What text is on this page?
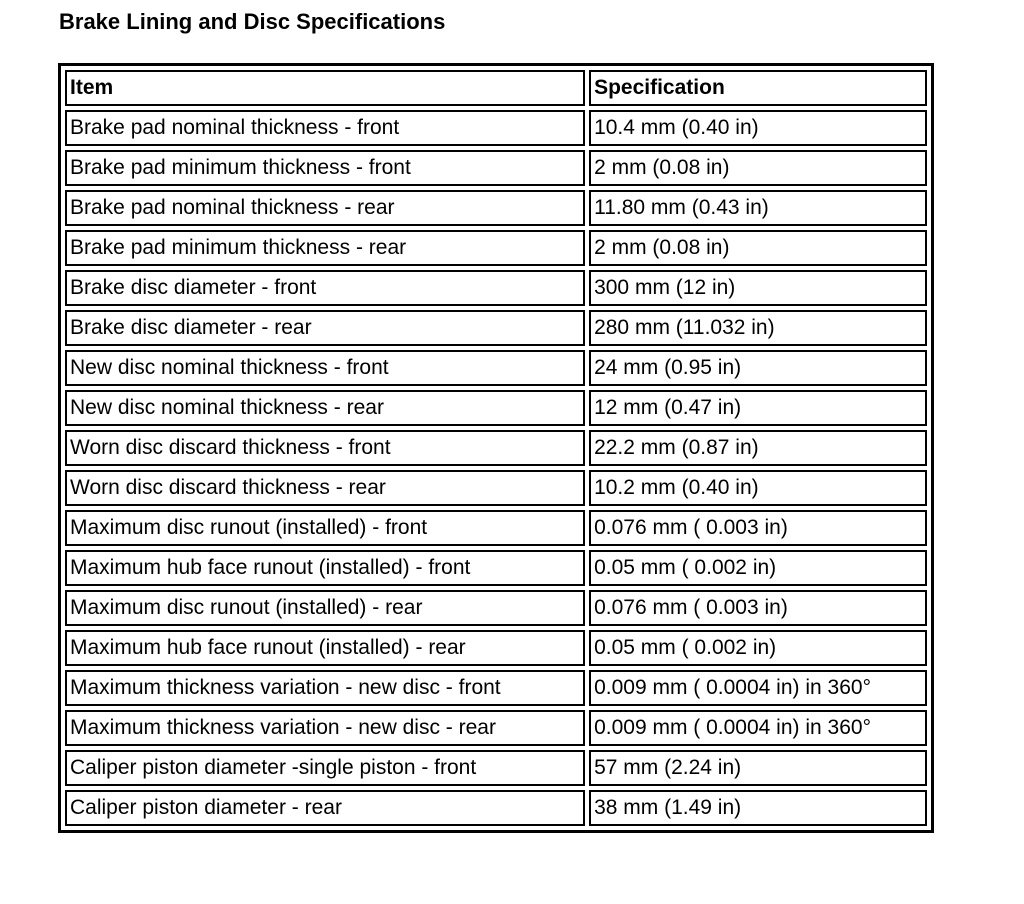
Brake Lining and Disc Specifications
Item	Specification
Brake pad nominal thickness - front	10.4 mm (0.40 in)
Brake pad minimum thickness - front	2 mm (0.08 in)
Brake pad nominal thickness - rear	11.80 mm (0.43 in)
Brake pad minimum thickness - rear	2 mm (0.08 in)
Brake disc diameter - front	300 mm (12 in)
Brake disc diameter - rear	280 mm (11.032 in)
New disc nominal thickness - front	24 mm (0.95 in)
New disc nominal thickness - rear	12 mm (0.47 in)
Worn disc discard thickness - front	22.2 mm (0.87 in)
Worn disc discard thickness - rear	10.2 mm (0.40 in)
Maximum disc runout (installed) - front	0.076 mm ( 0.003 in)
Maximum hub face runout (installed) - front	0.05 mm ( 0.002 in)
Maximum disc runout (installed) - rear	0.076 mm ( 0.003 in)
Maximum hub face runout (installed) - rear	0.05 mm ( 0.002 in)
Maximum thickness variation - new disc - front	0.009 mm ( 0.0004 in) in 360°
Maximum thickness variation - new disc - rear	0.009 mm ( 0.0004 in) in 360°
Caliper piston diameter -single piston - front	57 mm (2.24 in)
Caliper piston diameter - rear	38 mm (1.49 in)
